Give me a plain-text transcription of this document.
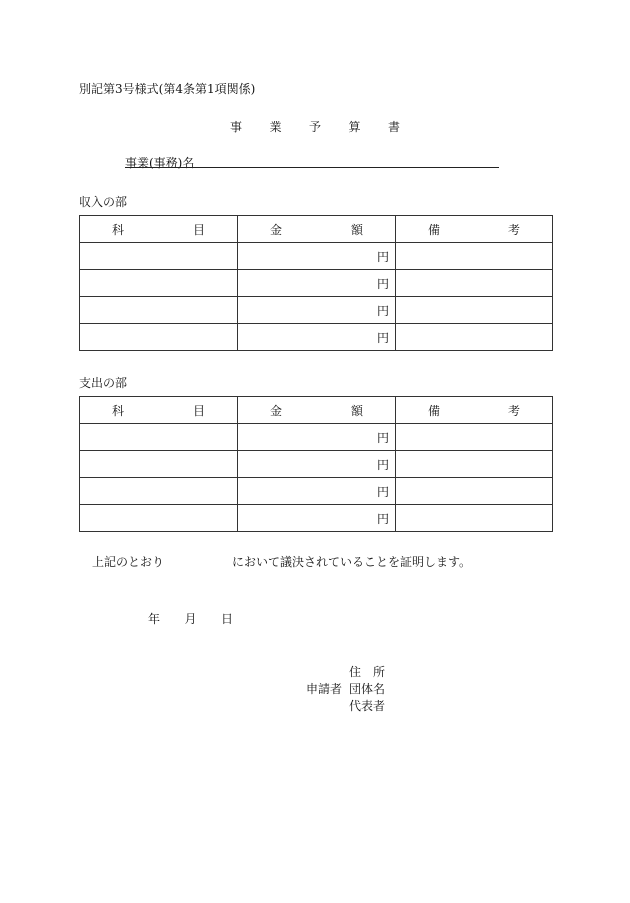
別記第3号様式(第4条第1項関係)
事 業 予 算 書
事業(事務)名
収入の部
科 目	金 額	備 考

	円	
	円	
	円	
	円	
支出の部
科 目	金 額	備 考

	円	
	円	
	円	
	円	
上記のとおり	において議決されていることを証明します。
年 月 日
申請者
住 所
団体名
代表者
